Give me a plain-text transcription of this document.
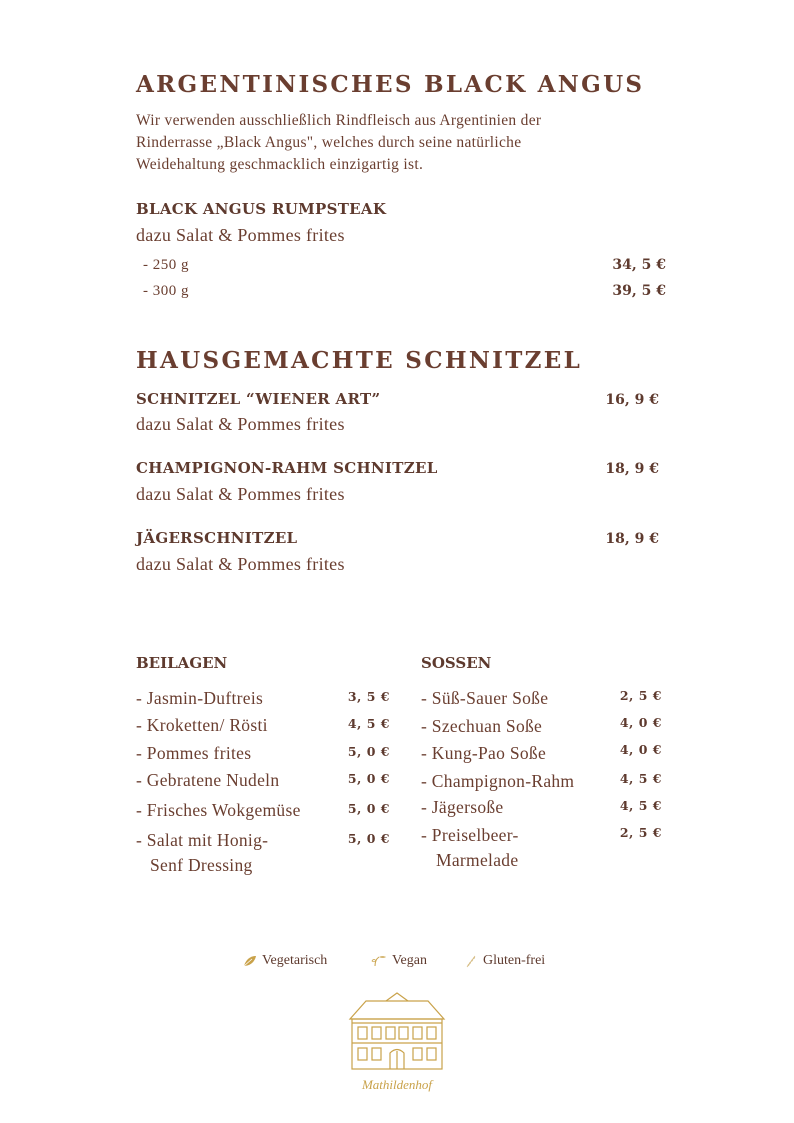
ARGENTINISCHES BLACK ANGUS
Wir verwenden ausschließlich Rindfleisch aus Argentinien der
Rinderrasse „Black Angus", welches durch seine natürliche
Weidehaltung geschmacklich einzigartig ist.
BLACK ANGUS RUMPSTEAK
dazu Salat & Pommes frites
- 250 g	34, 5 €
- 300 g	39, 5 €
HAUSGEMACHTE SCHNITZEL
SCHNITZEL “WIENER ART”	16, 9 €
dazu Salat & Pommes frites
CHAMPIGNON-RAHM SCHNITZEL	18, 9 €
dazu Salat & Pommes frites
JÄGERSCHNITZEL	18, 9 €
dazu Salat & Pommes frites
BEILAGEN
- Jasmin-Duftreis	3, 5 €
- Kroketten/ Rösti	4, 5 €
- Pommes frites	5, 0 €
- Gebratene Nudeln	5, 0 €
- Frisches Wokgemüse	5, 0 €
- Salat mit Honig-
Senf Dressing
5, 0 €
SOSSEN
- Süß-Sauer Soße	2, 5 €
- Szechuan Soße	4, 0 €
- Kung-Pao Soße	4, 0 €
- Champignon-Rahm	4, 5 €
- Jägersoße	4, 5 €
- Preiselbeer-
Marmelade
2, 5 €
Vegetarisch	Vegan	Gluten-frei
Mathildenhof
